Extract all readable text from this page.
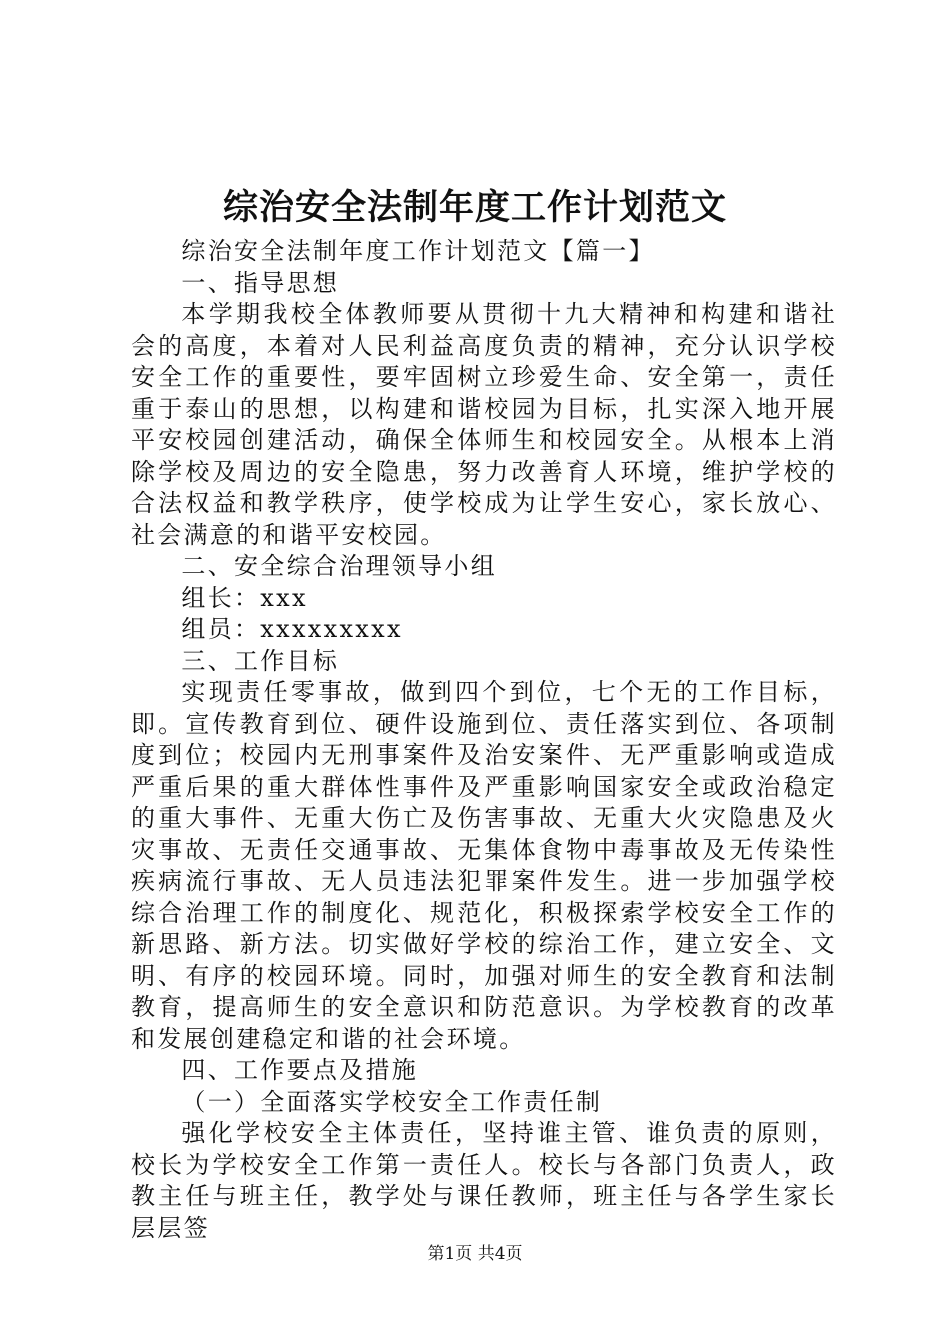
综治安全法制年度工作计划范文

综治安全法制年度工作计划范文【篇一】

一、指导思想

本学期我校全体教师要从贯彻十九大精神和构建和谐社会的高度，本着对人民利益高度负责的精神，充分认识学校安全工作的重要性，要牢固树立珍爱生命、安全第一，责任重于泰山的思想，以构建和谐校园为目标，扎实深入地开展平安校园创建活动，确保全体师生和校园安全。从根本上消除学校及周边的安全隐患，努力改善育人环境，维护学校的合法权益和教学秩序，使学校成为让学生安心，家长放心、社会满意的和谐平安校园。

二、安全综合治理领导小组

组长：xxx

组员：xxxxxxxxx

三、工作目标

实现责任零事故，做到四个到位，七个无的工作目标，即。宣传教育到位、硬件设施到位、责任落实到位、各项制度到位；校园内无刑事案件及治安案件、无严重影响或造成严重后果的重大群体性事件及严重影响国家安全或政治稳定的重大事件、无重大伤亡及伤害事故、无重大火灾隐患及火灾事故、无责任交通事故、无集体食物中毒事故及无传染性疾病流行事故、无人员违法犯罪案件发生。进一步加强学校综合治理工作的制度化、规范化，积极探索学校安全工作的新思路、新方法。切实做好学校的综治工作，建立安全、文明、有序的校园环境。同时，加强对师生的安全教育和法制教育，提高师生的安全意识和防范意识。为学校教育的改革和发展创建稳定和谐的社会环境。

四、工作要点及措施

（一）全面落实学校安全工作责任制

强化学校安全主体责任，坚持谁主管、谁负责的原则，校长为学校安全工作第一责任人。校长与各部门负责人，政教主任与班主任，教学处与课任教师，班主任与各学生家长层层签

第1页 共4页
